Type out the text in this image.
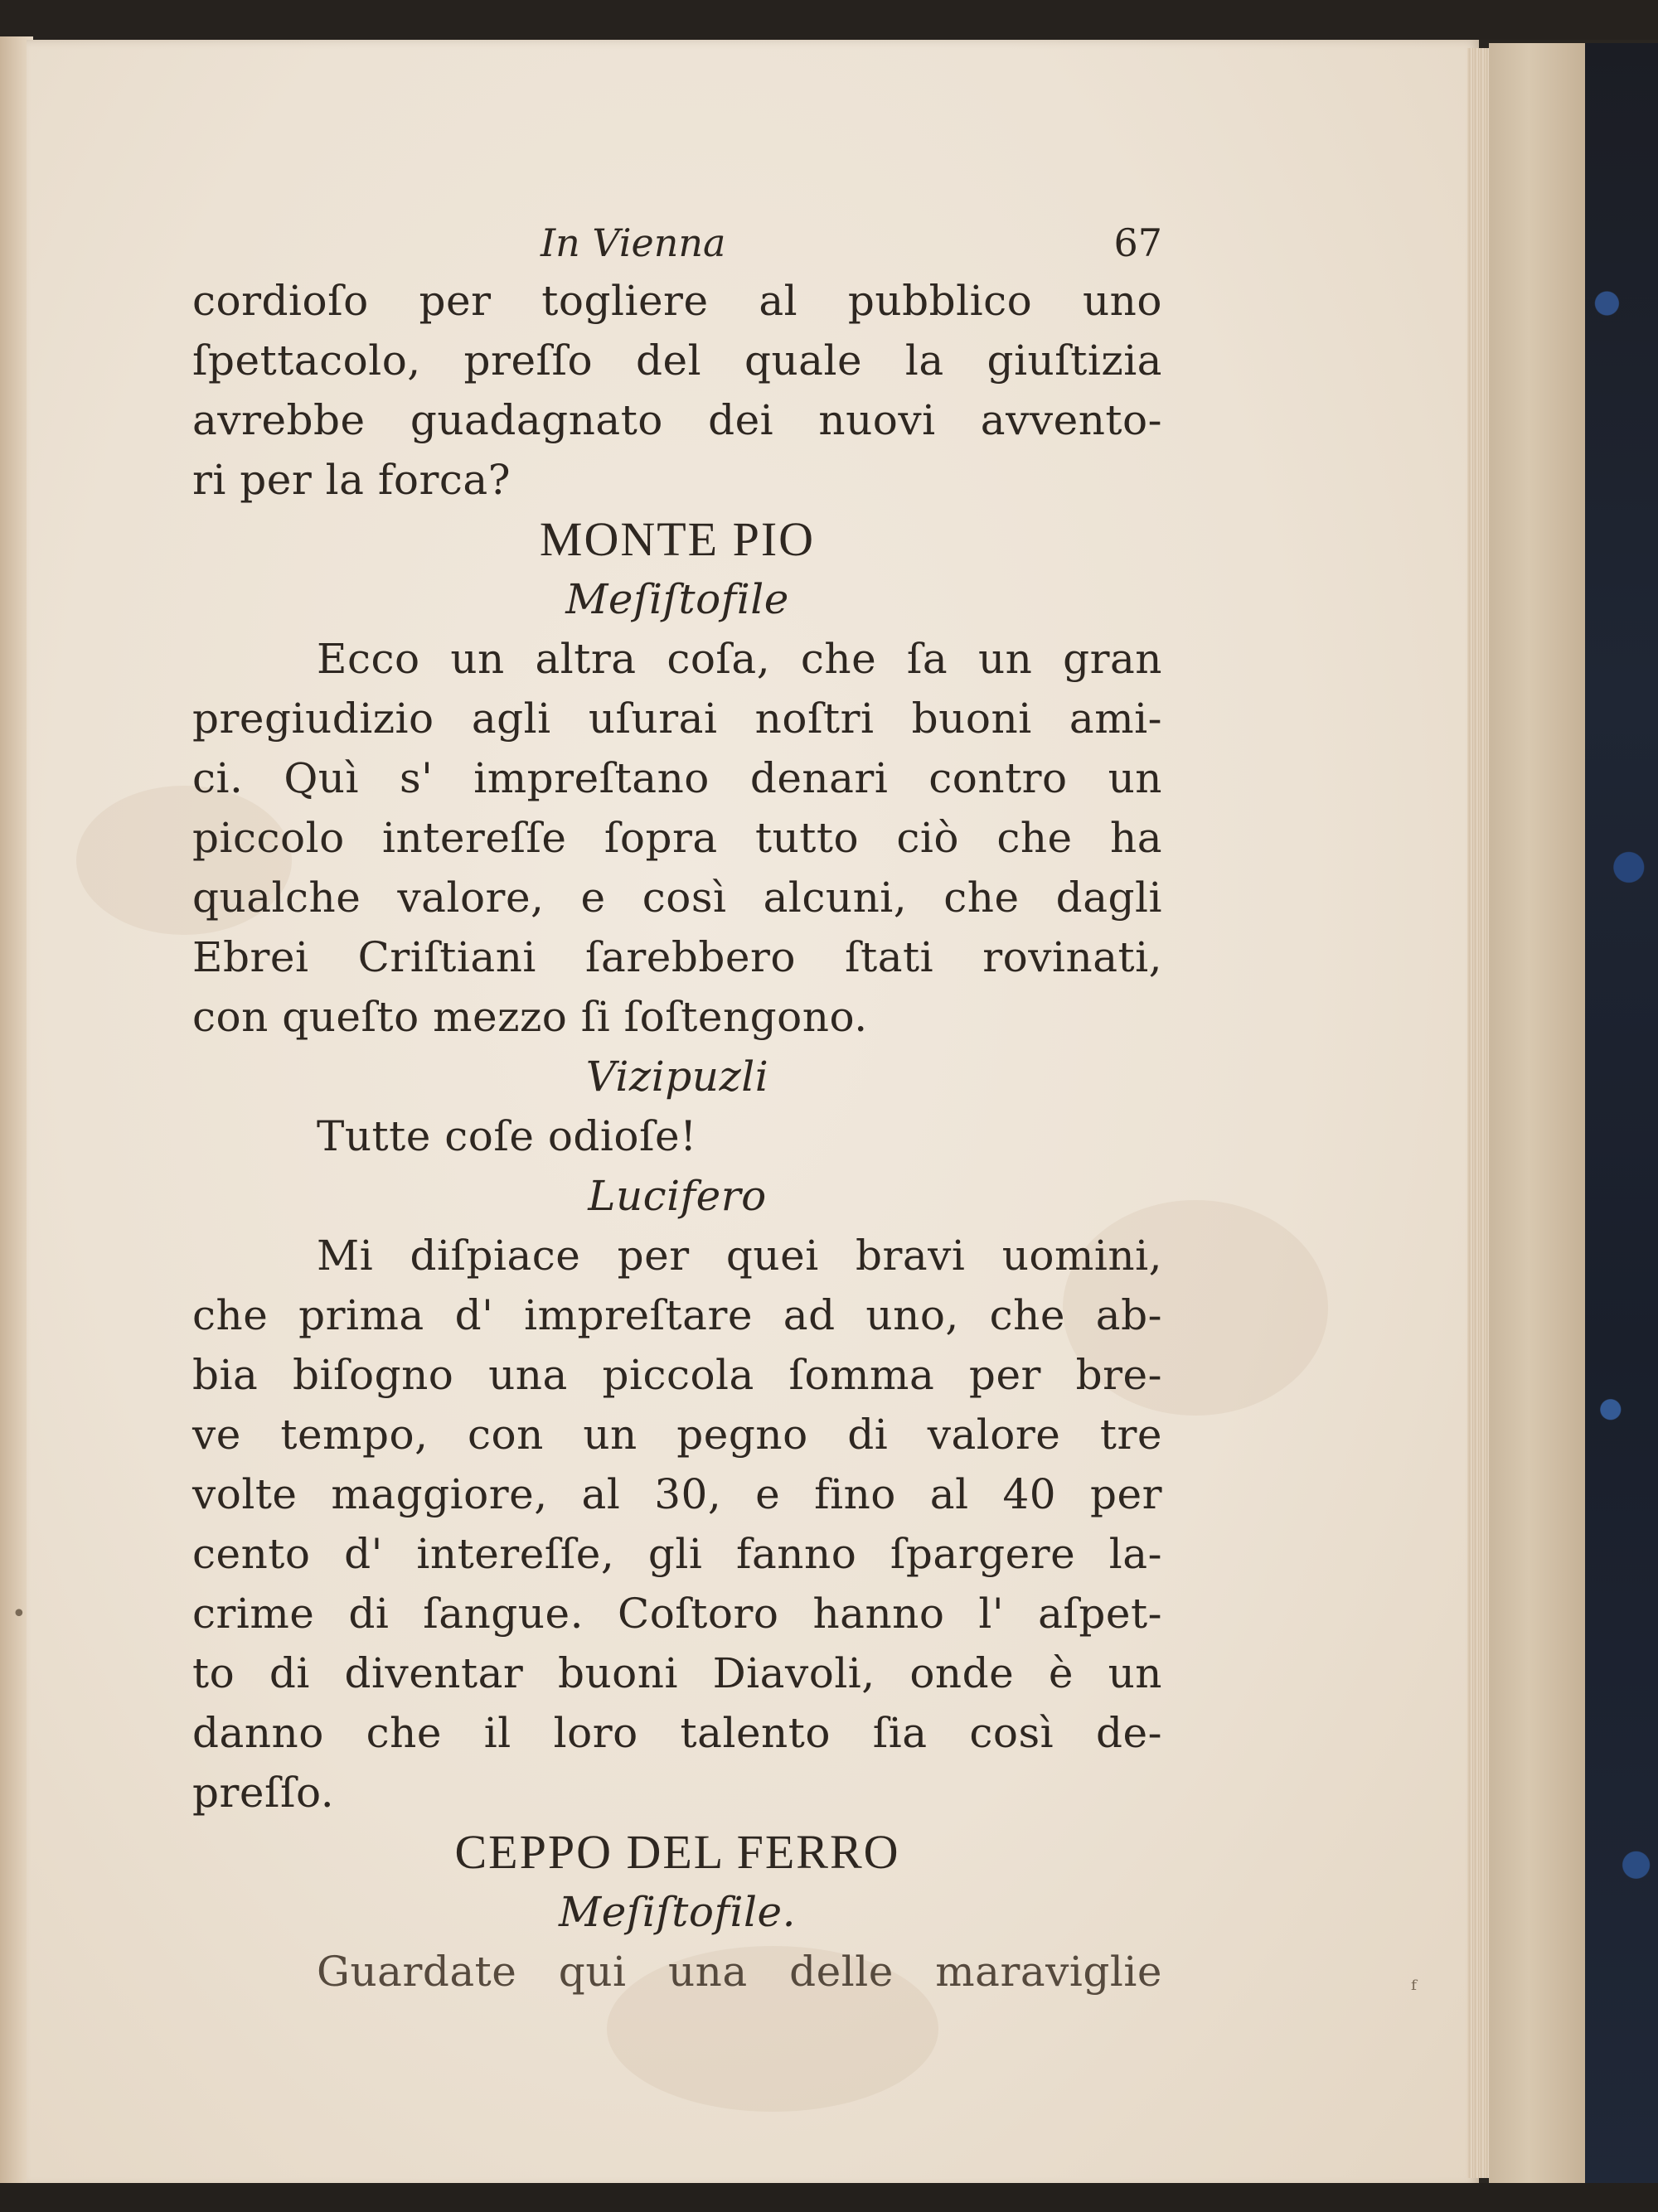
In Vienna	67
cordioſo per togliere al pubblico uno
ſpettacolo, preſſo del quale la giuſtizia
avrebbe guadagnato dei nuovi avvento-
ri per la forca?
MONTE PIO
Meſiſtofile
Ecco un altra coſa, che ſa un gran
pregiudizio agli uſurai noſtri buoni ami-
ci. Quì s' impreſtano denari contro un
piccolo intereſſe ſopra tutto ciò che ha
qualche valore, e così alcuni, che dagli
Ebrei Criſtiani ſarebbero ſtati rovinati,
con queſto mezzo ſi ſoſtengono.
Vizipuzli
Tutte coſe odioſe!
Lucifero
Mi diſpiace per quei bravi uomini,
che prima d' impreſtare ad uno, che ab-
bia biſogno una piccola ſomma per bre-
ve tempo, con un pegno di valore tre
volte maggiore, al 30, e fino al 40 per
cento d' intereſſe, gli fanno ſpargere la-
crime di ſangue. Coſtoro hanno l' aſpet-
to di diventar buoni Diavoli, onde è un
danno che il loro talento ſia così de-
preſſo.
CEPPO DEL FERRO
Meſiſtofile.
Guardate qui una delle maraviglie
•
ᶠ
